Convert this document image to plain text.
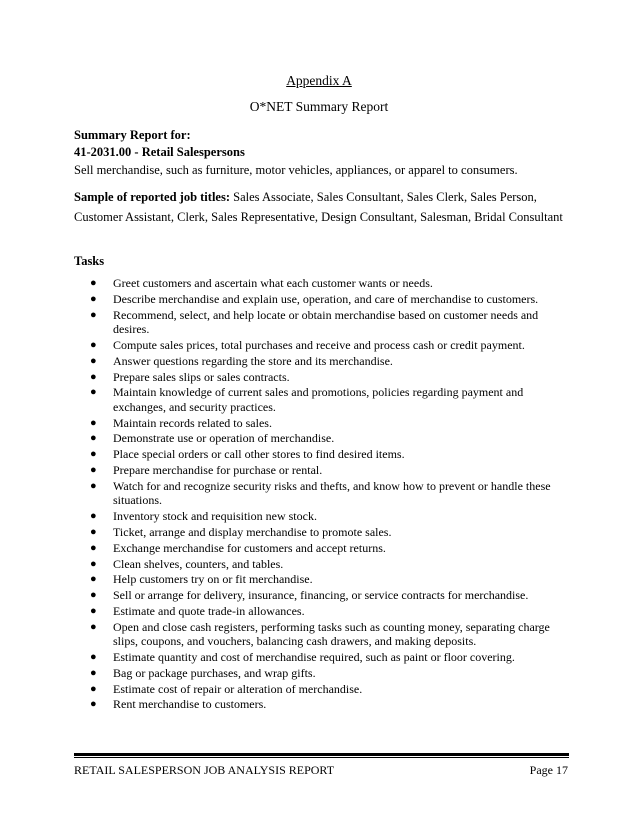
Appendix A
O*NET Summary Report
Summary Report for:
41-2031.00 - Retail Salespersons
Sell merchandise, such as furniture, motor vehicles, appliances, or apparel to consumers.
Sample of reported job titles: Sales Associate, Sales Consultant, Sales Clerk, Sales Person, Customer Assistant, Clerk, Sales Representative, Design Consultant, Salesman, Bridal Consultant
Tasks
● Greet customers and ascertain what each customer wants or needs.
● Describe merchandise and explain use, operation, and care of merchandise to customers.
● Recommend, select, and help locate or obtain merchandise based on customer needs and desires.
● Compute sales prices, total purchases and receive and process cash or credit payment.
● Answer questions regarding the store and its merchandise.
● Prepare sales slips or sales contracts.
● Maintain knowledge of current sales and promotions, policies regarding payment and exchanges, and security practices.
● Maintain records related to sales.
● Demonstrate use or operation of merchandise.
● Place special orders or call other stores to find desired items.
● Prepare merchandise for purchase or rental.
● Watch for and recognize security risks and thefts, and know how to prevent or handle these situations.
● Inventory stock and requisition new stock.
● Ticket, arrange and display merchandise to promote sales.
● Exchange merchandise for customers and accept returns.
● Clean shelves, counters, and tables.
● Help customers try on or fit merchandise.
● Sell or arrange for delivery, insurance, financing, or service contracts for merchandise.
● Estimate and quote trade-in allowances.
● Open and close cash registers, performing tasks such as counting money, separating charge slips, coupons, and vouchers, balancing cash drawers, and making deposits.
● Estimate quantity and cost of merchandise required, such as paint or floor covering.
● Bag or package purchases, and wrap gifts.
● Estimate cost of repair or alteration of merchandise.
● Rent merchandise to customers.
RETAIL SALESPERSON JOB ANALYSIS REPORT	Page 17
